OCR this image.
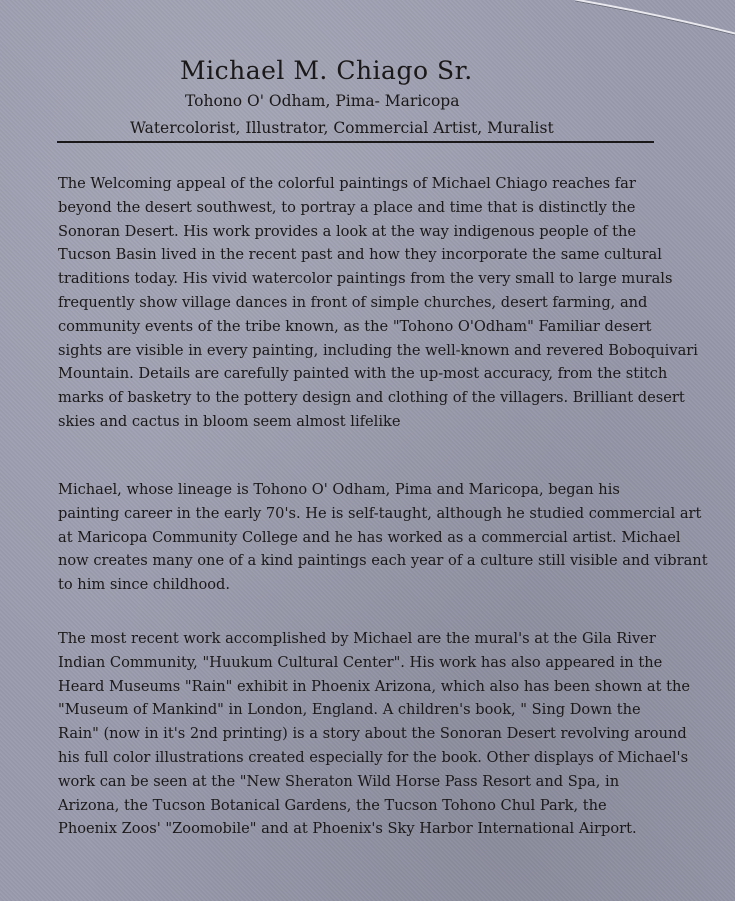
Michael M. Chiago Sr.
Tohono O' Odham, Pima- Maricopa
Watercolorist, Illustrator, Commercial Artist, Muralist

The Welcoming appeal of the colorful paintings of Michael Chiago reaches far
beyond the desert southwest, to portray a place and time that is distinctly the
Sonoran Desert. His work provides a look at the way indigenous people of the
Tucson Basin lived in the recent past and how they incorporate the same cultural
traditions today. His vivid watercolor paintings from the very small to large murals
frequently show village dances in front of simple churches, desert farming, and
community events of the tribe known, as the "Tohono O'Odham" Familiar desert
sights are visible in every painting, including the well-known and revered Boboquivari
Mountain. Details are carefully painted with the up-most accuracy, from the stitch
marks of basketry to the pottery design and clothing of the villagers. Brilliant desert
skies and cactus in bloom seem almost lifelike

Michael, whose lineage is Tohono O' Odham, Pima and Maricopa, began his
painting career in the early 70's. He is self-taught, although he studied commercial art
at Maricopa Community College and he has worked as a commercial artist. Michael
now creates many one of a kind paintings each year of a culture still visible and vibrant
to him since childhood.

The most recent work accomplished by Michael are the mural's at the Gila River
Indian Community, "Huukum Cultural Center". His work has also appeared in the
Heard Museums "Rain" exhibit in Phoenix Arizona, which also has been shown at the
"Museum of Mankind" in London, England. A children's book, " Sing Down the
Rain" (now in it's 2nd printing) is a story about the Sonoran Desert revolving around
his full color illustrations created especially for the book. Other displays of Michael's
work can be seen at the "New Sheraton Wild Horse Pass Resort and Spa, in
Arizona, the Tucson Botanical Gardens, the Tucson Tohono Chul Park, the
Phoenix Zoos' "Zoomobile" and at Phoenix's Sky Harbor International Airport.
